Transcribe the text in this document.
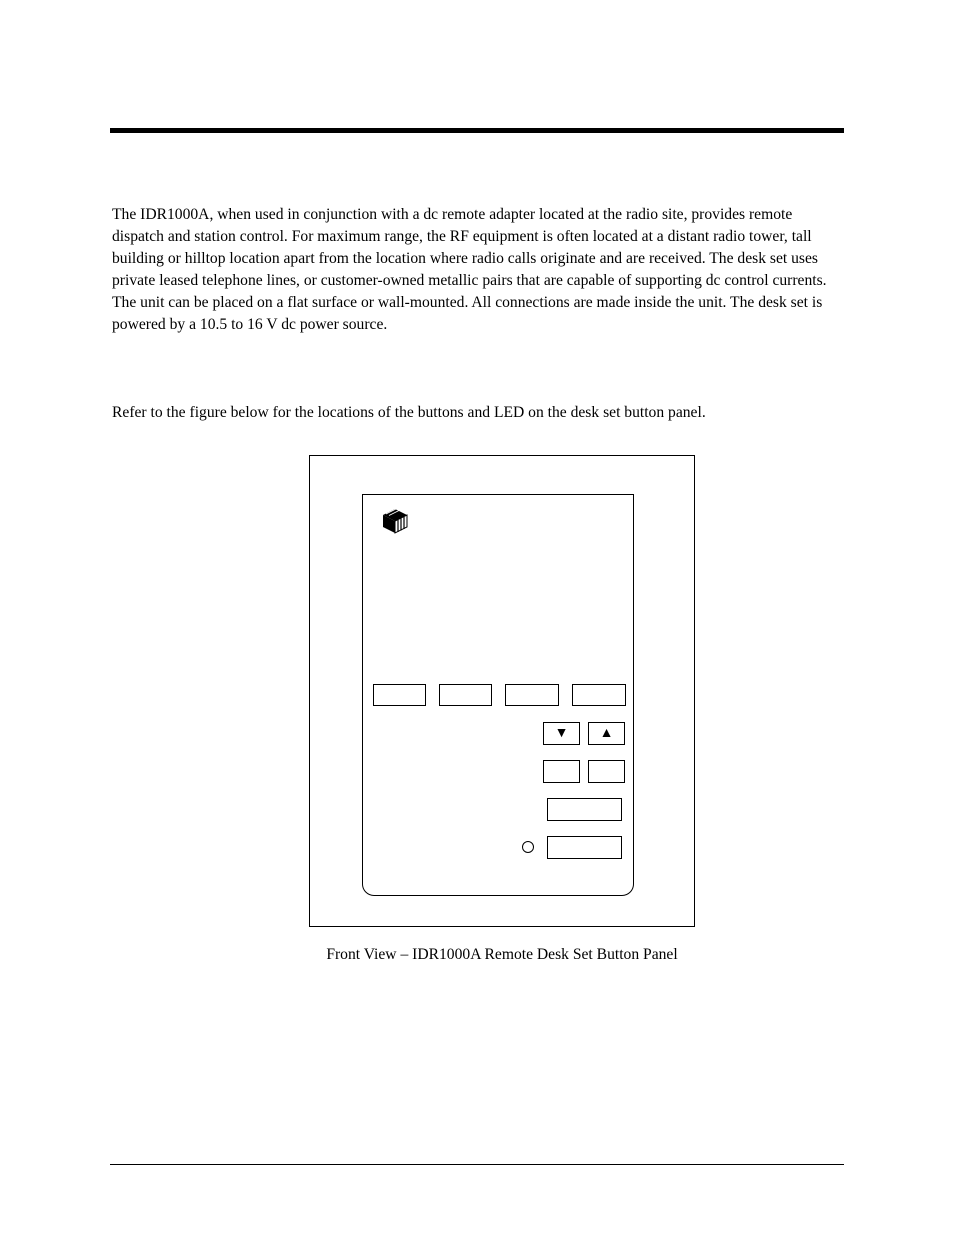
The IDR1000A, when used in conjunction with a dc remote adapter located at the radio site, provides remote dispatch and station control. For maximum range, the RF equipment is often located at a distant radio tower, tall building or hilltop location apart from the location where radio calls originate and are received. The desk set uses private leased telephone lines, or customer-owned metallic pairs that are capable of supporting dc control currents. The unit can be placed on a flat surface or wall-mounted. All connections are made inside the unit. The desk set is powered by a 10.5 to 16 V dc power source.

Refer to the figure below for the locations of the buttons and LED on the desk set button panel.

▼ ▲
Front View – IDR1000A Remote Desk Set Button Panel
